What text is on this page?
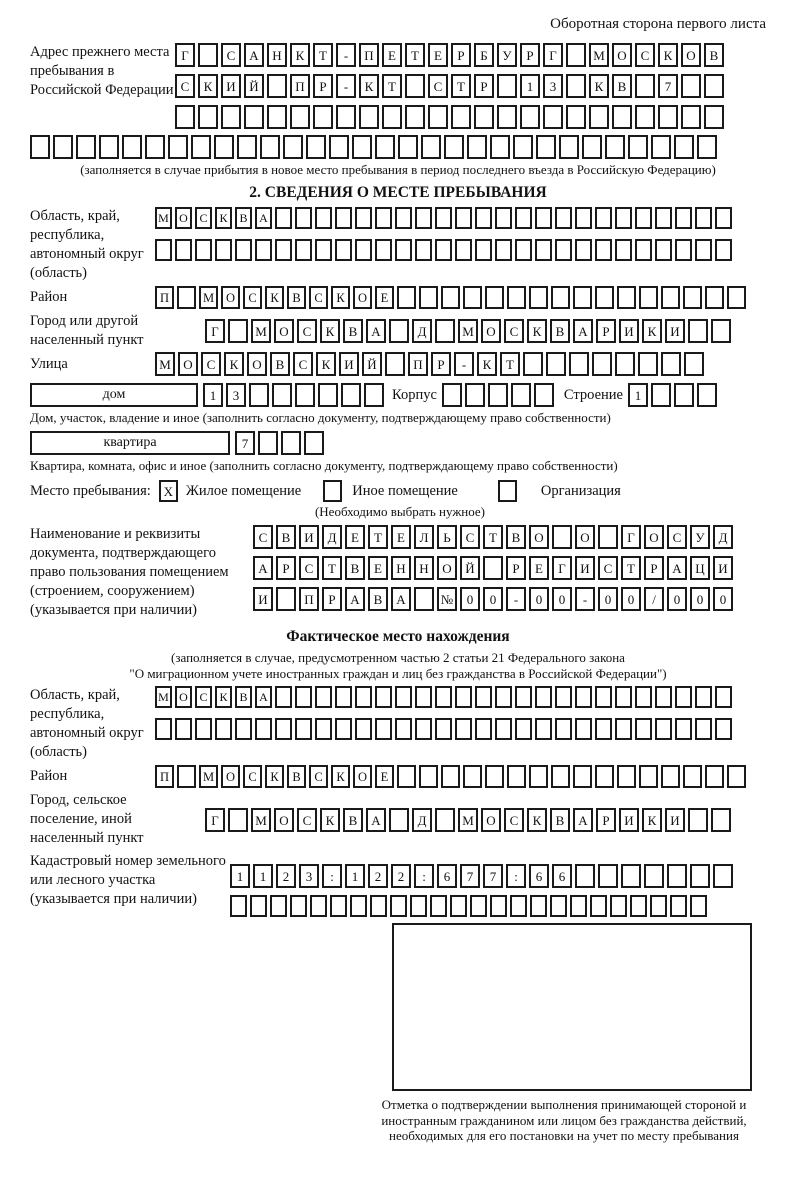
Оборотная сторона первого листа
Адрес прежнего места пребывания в Российской Федерации
Г	С	А	Н	К	Т	-	П	Е	Т	Е	Р	Б	У	Р	Г	М О	С	К	О	В
С	К	И	Й	П	Р	-	К	Т	С	Т	Р	1	3	К	В	7
(заполняется в случае прибытия в новое место пребывания в период последнего въезда в Российскую Федерацию)
2. СВЕДЕНИЯ О МЕСТЕ ПРЕБЫВАНИЯ
Область, край, республика, автономный округ (область)
М О С К В А
Район	П	М О	С	К	В	С	К	О	Е
Город или другой населенный пункт
Г	М О	С	К	В	А	Д	М О	С	К	В	А	Р	И	К	И
Улица	М О	С	К	О	В	С	К	И	Й	П	Р	-	К	Т
дом	1	3	Корпус	Строение 1
Дом, участок, владение и иное (заполнить согласно документу, подтверждающему право собственности)
квартира	7
Квартира, комната, офис и иное (заполнить согласно документу, подтверждающему право собственности)
Место пребывания: X Жилое помещение	Иное помещение	Организация
(Необходимо выбрать нужное)
Наименование и реквизиты документа, подтверждающего право пользования помещением (строением, сооружением) (указывается при наличии)
С	В	И	Д	Е	Т	Е	Л	Ь	С	Т	В	О	О	Г	О	С	У	Д
А	Р	С	Т	В	Е	Н	Н	О	Й	Р	Е	Г	И	С	Т	Р	А	Ц	И
И	П	Р	А	В	А	№	0	0	-	0	0	-	0	0	/	0	0	0
Фактическое место нахождения
(заполняется в случае, предусмотренном частью 2 статьи 21 Федерального закона
"О миграционном учете иностранных граждан и лиц без гражданства в Российской Федерации")
Область, край, республика, автономный округ (область)
М О С К В А
Район	П	М О	С	К	В	С	К	О	Е
Город, сельское поселение, иной населенный пункт
Г	М О	С	К	В	А	Д	М О	С	К	В	А	Р	И	К	И
Кадастровый номер земельного или лесного участка (указывается при наличии)
1	1	2	3	:	1	2	2	:	6	7	7	:	6	6
Отметка о подтверждении выполнения принимающей стороной и иностранным гражданином или лицом без гражданства действий, необходимых для его постановки на учет по месту пребывания
